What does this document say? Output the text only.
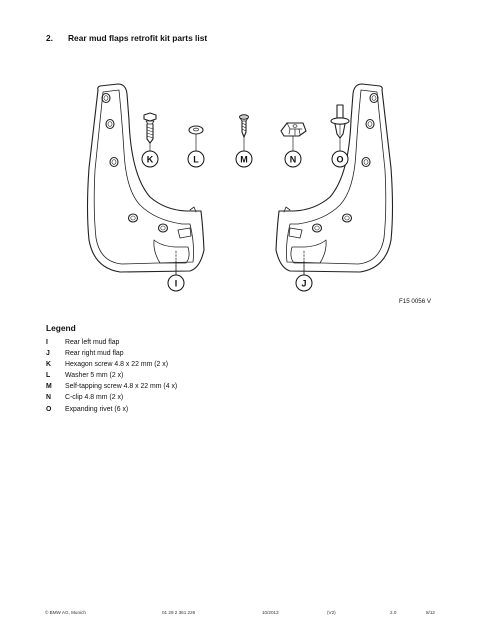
2. Rear mud flaps retrofit kit parts list
K	L	M	N	O
I	J
F15 0056 V
Legend
I Rear left mud flap
J Rear right mud flap
K Hexagon screw 4.8 x 22 mm (2 x)
L Washer 5 mm (2 x)
M Self-tapping screw 4.8 x 22 mm (4 x)
N C-clip 4.8 mm (2 x)
O Expanding rivet (6 x)
© BMW AG, Munich	01 29 2 361 226	10/2013	(V2)	2.0	8/12
